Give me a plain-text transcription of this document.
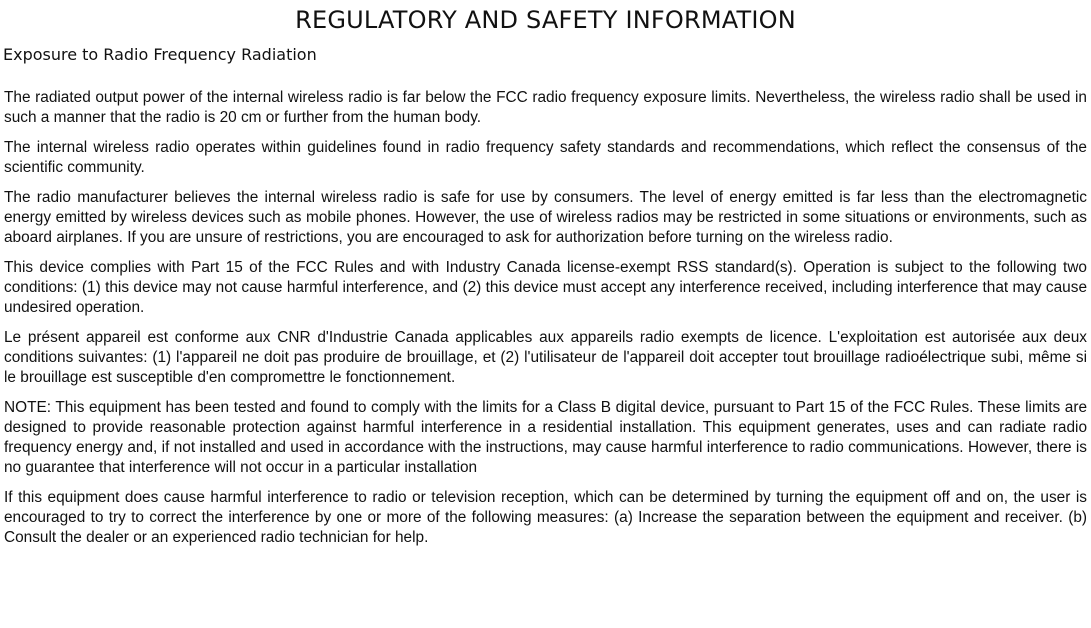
REGULATORY AND SAFETY INFORMATION
Exposure to Radio Frequency Radiation

The radiated output power of the internal wireless radio is far below the FCC radio frequency exposure limits. Nevertheless, the wireless radio shall be used in such a manner that the radio is 20 cm or further from the human body.

The internal wireless radio operates within guidelines found in radio frequency safety standards and recommendations, which reflect the consensus of the scientific community.

The radio manufacturer believes the internal wireless radio is safe for use by consumers. The level of energy emitted is far less than the electromagnetic energy emitted by wireless devices such as mobile phones. However, the use of wireless radios may be restricted in some situations or environments, such as aboard airplanes. If you are unsure of restrictions, you are encouraged to ask for authorization before turning on the wireless radio.

This device complies with Part 15 of the FCC Rules and with Industry Canada license-exempt RSS standard(s). Operation is subject to the following two conditions: (1) this device may not cause harmful interference, and (2) this device must accept any interference received, including interference that may cause undesired operation.

Le présent appareil est conforme aux CNR d'Industrie Canada applicables aux appareils radio exempts de licence. L'exploitation est autorisée aux deux conditions suivantes: (1) l'appareil ne doit pas produire de brouillage, et (2) l'utilisateur de l'appareil doit accepter tout brouillage radioélectrique subi, même si le brouillage est susceptible d'en compromettre le fonctionnement.

NOTE: This equipment has been tested and found to comply with the limits for a Class B digital device, pursuant to Part 15 of the FCC Rules. These limits are designed to provide reasonable protection against harmful interference in a residential installation. This equipment generates, uses and can radiate radio frequency energy and, if not installed and used in accordance with the instructions, may cause harmful interference to radio communications. However, there is no guarantee that interference will not occur in a particular installation

If this equipment does cause harmful interference to radio or television reception, which can be determined by turning the equipment off and on, the user is encouraged to try to correct the interference by one or more of the following measures: (a) Increase the separation between the equipment and receiver. (b) Consult the dealer or an experienced radio technician for help.
